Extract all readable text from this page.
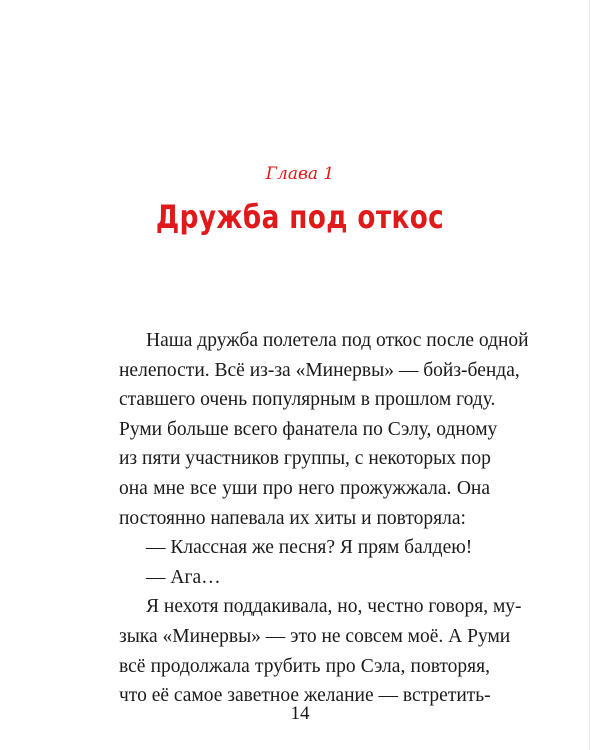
Глава 1
Дружба под откос
Наша дружба полетела под откос после одной
нелепости. Всё из-за «Минервы» — бойз-бенда,
ставшего очень популярным в прошлом году.
Руми больше всего фанатела по Сэлу, одному
из пяти участников группы, с некоторых пор
она мне все уши про него прожужжала. Она
постоянно напевала их хиты и повторяла:
— Классная же песня? Я прям балдею!
— Ага…
Я нехотя поддакивала, но, честно говоря, му-
зыка «Минервы» — это не совсем моё. А Руми
всё продолжала трубить про Сэла, повторяя,
что её самое заветное желание — встретить-
14
